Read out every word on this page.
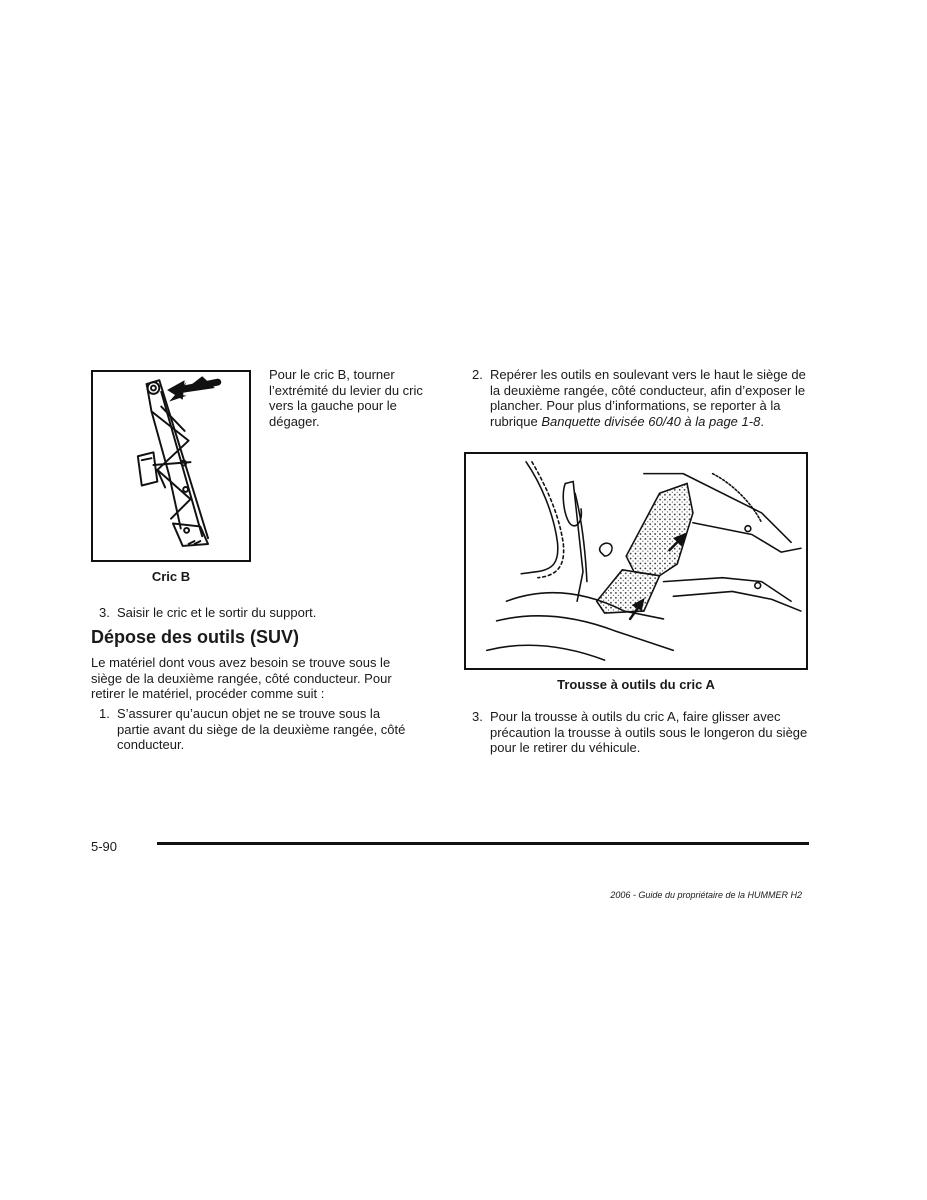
Cric B
Pour le cric B, tourner l’extrémité du levier du cric vers la gauche pour le dégager.
3. Saisir le cric et le sortir du support.
Dépose des outils (SUV)
Le matériel dont vous avez besoin se trouve sous le siège de la deuxième rangée, côté conducteur. Pour retirer le matériel, procéder comme suit :
1. S’assurer qu’aucun objet ne se trouve sous la partie avant du siège de la deuxième rangée, côté conducteur.
2. Repérer les outils en soulevant vers le haut le siège de la deuxième rangée, côté conducteur, afin d’exposer le plancher. Pour plus d’informations, se reporter à la rubrique Banquette divisée 60/40 à la page 1-8.
Trousse à outils du cric A
3. Pour la trousse à outils du cric A, faire glisser avec précaution la trousse à outils sous le longeron du siège pour le retirer du véhicule.
5-90
2006 - Guide du propriétaire de la HUMMER H2
